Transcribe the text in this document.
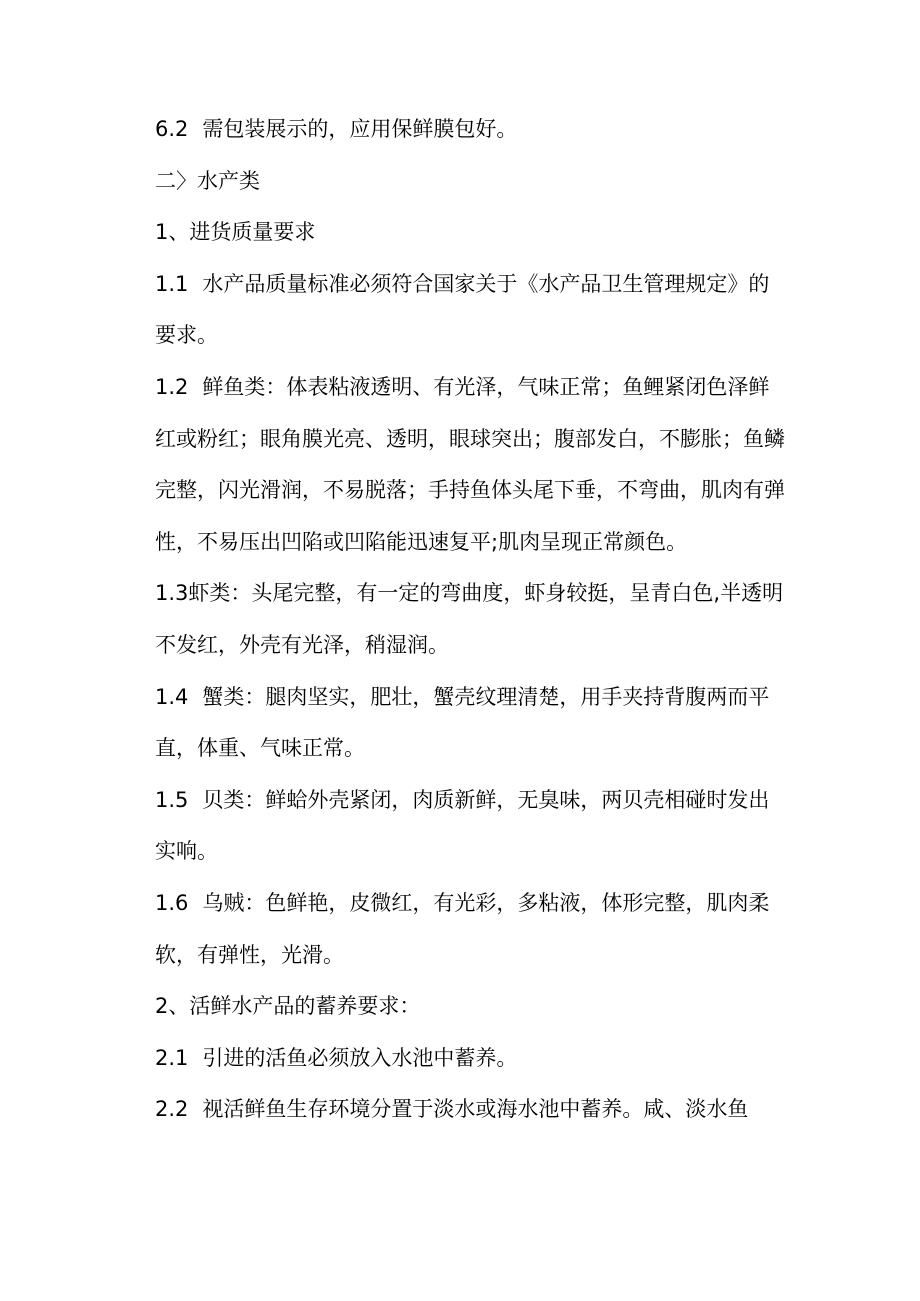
6.2 需包装展示的，应用保鲜膜包好。

二〉水产类

1、进货质量要求

1.1 水产品质量标准必须符合国家关于《水产品卫生管理规定》的要求。

1.2 鲜鱼类：体表粘液透明、有光泽，气味正常；鱼鲤紧闭色泽鲜红或粉红；眼角膜光亮、透明，眼球突出；腹部发白，不膨胀；鱼鳞完整，闪光滑润，不易脱落；手持鱼体头尾下垂，不弯曲，肌肉有弹性，不易压出凹陷或凹陷能迅速复平;肌肉呈现正常颜色。

1.3虾类：头尾完整，有一定的弯曲度，虾身较挺，呈青白色,半透明不发红，外壳有光泽，稍湿润。

1.4 蟹类：腿肉坚实，肥壮，蟹壳纹理清楚，用手夹持背腹两而平直，体重、气味正常。

1.5 贝类：鲜蛤外壳紧闭，肉质新鲜，无臭味，两贝壳相碰时发出实响。

1.6 乌贼：色鲜艳，皮微红，有光彩，多粘液，体形完整，肌肉柔软，有弹性，光滑。

2、活鲜水产品的蓄养要求：

2.1 引进的活鱼必须放入水池中蓄养。

2.2 视活鲜鱼生存环境分置于淡水或海水池中蓄养。咸、淡水鱼
